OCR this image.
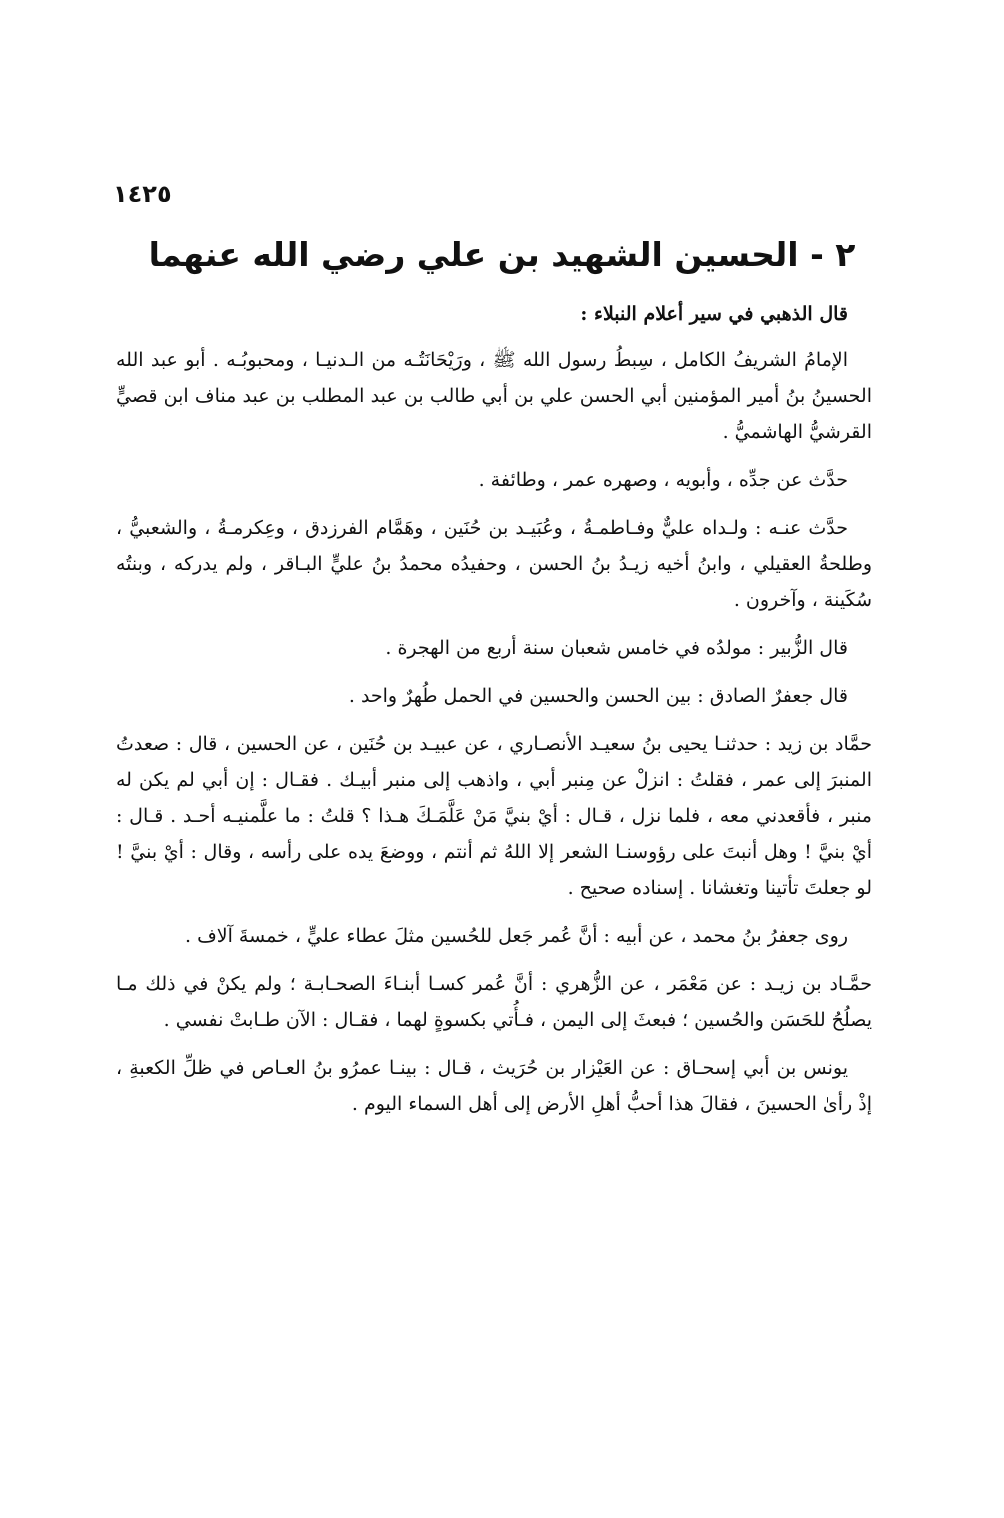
١٤٢٥
٢ - الحسين الشهيد بن علي رضي الله عنهما

قال الذهبي في سير أعلام النبلاء :

الإمامُ الشريفُ الكامل ، سِبطُ رسول الله ﷺ ، ورَيْحَانَتُـه من الـدنيـا ، ومحبوبُـه . أبو عبد الله الحسينُ بنُ أمير المؤمنين أبي الحسن علي بن أبي طالب بن عبد المطلب بن عبد مناف ابن قصيٍّ القرشيُّ الهاشميُّ .

حدَّث عن جدِّه ، وأبويه ، وصهره عمر ، وطائفة .

حدَّث عنـه : ولـداه عليٌّ وفـاطمـةُ ، وعُبَيـد بن حُنَين ، وهَمَّام الفرزدق ، وعِكرمـةُ ، والشعبيُّ ، وطلحةُ العقيلي ، وابنُ أخيه زيـدُ بنُ الحسن ، وحفيدُه محمدُ بنُ عليٍّ البـاقر ، ولم يدركه ، وبنتُه سُكَينة ، وآخرون .

قال الزُّبير : مولدُه في خامس شعبان سنة أربع من الهجرة .

قال جعفرٌ الصادق : بين الحسن والحسين في الحمل طُهرٌ واحد .

حمَّاد بن زيد : حدثنـا يحيى بنُ سعيـد الأنصـاري ، عن عبيـد بن حُنَين ، عن الحسين ، قال : صعدتُ المنبرَ إلى عمر ، فقلتُ : انزلْ عن مِنبر أبي ، واذهب إلى منبر أبيـك . فقـال : إن أبي لم يكن له منبر ، فأقعدني معه ، فلما نزل ، قـال : أيْ بنيَّ مَنْ عَلَّمَـكَ هـذا ؟ قلتُ : ما علَّمنيـه أحـد . قـال : أيْ بنيَّ ! وهل أنبتَ على رؤوسنـا الشعر إلا اللهُ ثم أنتم ، ووضعَ يده على رأسه ، وقال : أيْ بنيَّ ! لو جعلتَ تأتينا وتغشانا . إسناده صحيح .

روى جعفرُ بنُ محمد ، عن أبيه : أنَّ عُمر جَعل للحُسين مثلَ عطاء عليٍّ ، خمسةَ آلاف .

حمَّـاد بن زيـد : عن مَعْمَر ، عن الزُّهري : أنَّ عُمر كسـا أبنـاءَ الصحـابـة ؛ ولم يكنْ في ذلك مـا يصلُحُ للحَسَن والحُسين ؛ فبعثَ إلى اليمن ، فـأُتي بكسوةٍ لهما ، فقـال : الآن طـابتْ نفسي .

يونس بن أبي إسحـاق : عن العَيْزار بن حُرَيث ، قـال : بينـا عمرُو بنُ العـاص في ظلِّ الكعبةِ ، إذْ رأىٰ الحسينَ ، فقالَ هذا أحبُّ أهلِ الأرض إلى أهل السماء اليوم .
